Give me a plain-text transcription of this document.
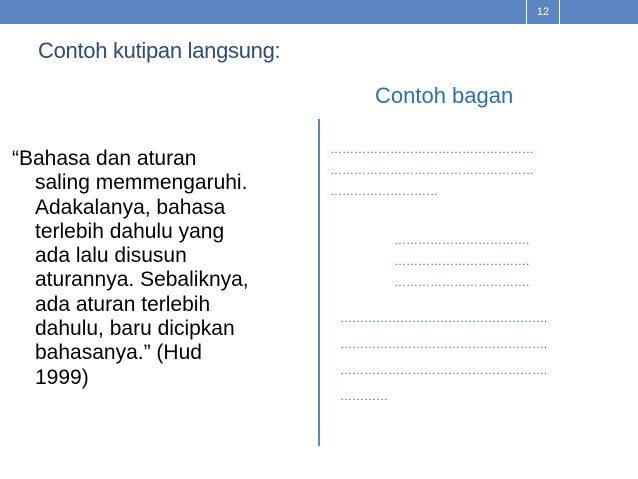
12
Contoh kutipan langsung:
Contoh bagan
“Bahasa dan aturan
saling memmengaruhi.
Adakalanya, bahasa
terlebih dahulu yang
ada lalu disusun
aturannya. Sebaliknya,
ada aturan terlebih
dahulu, baru dicipkan
bahasanya.” (Hud
1999)
……………………………………………
……………………………………………
………………………
…………………………….
…………………………….
…………………………….
…………………………………………….
…………………………………………….
…………………………………………….
…………
